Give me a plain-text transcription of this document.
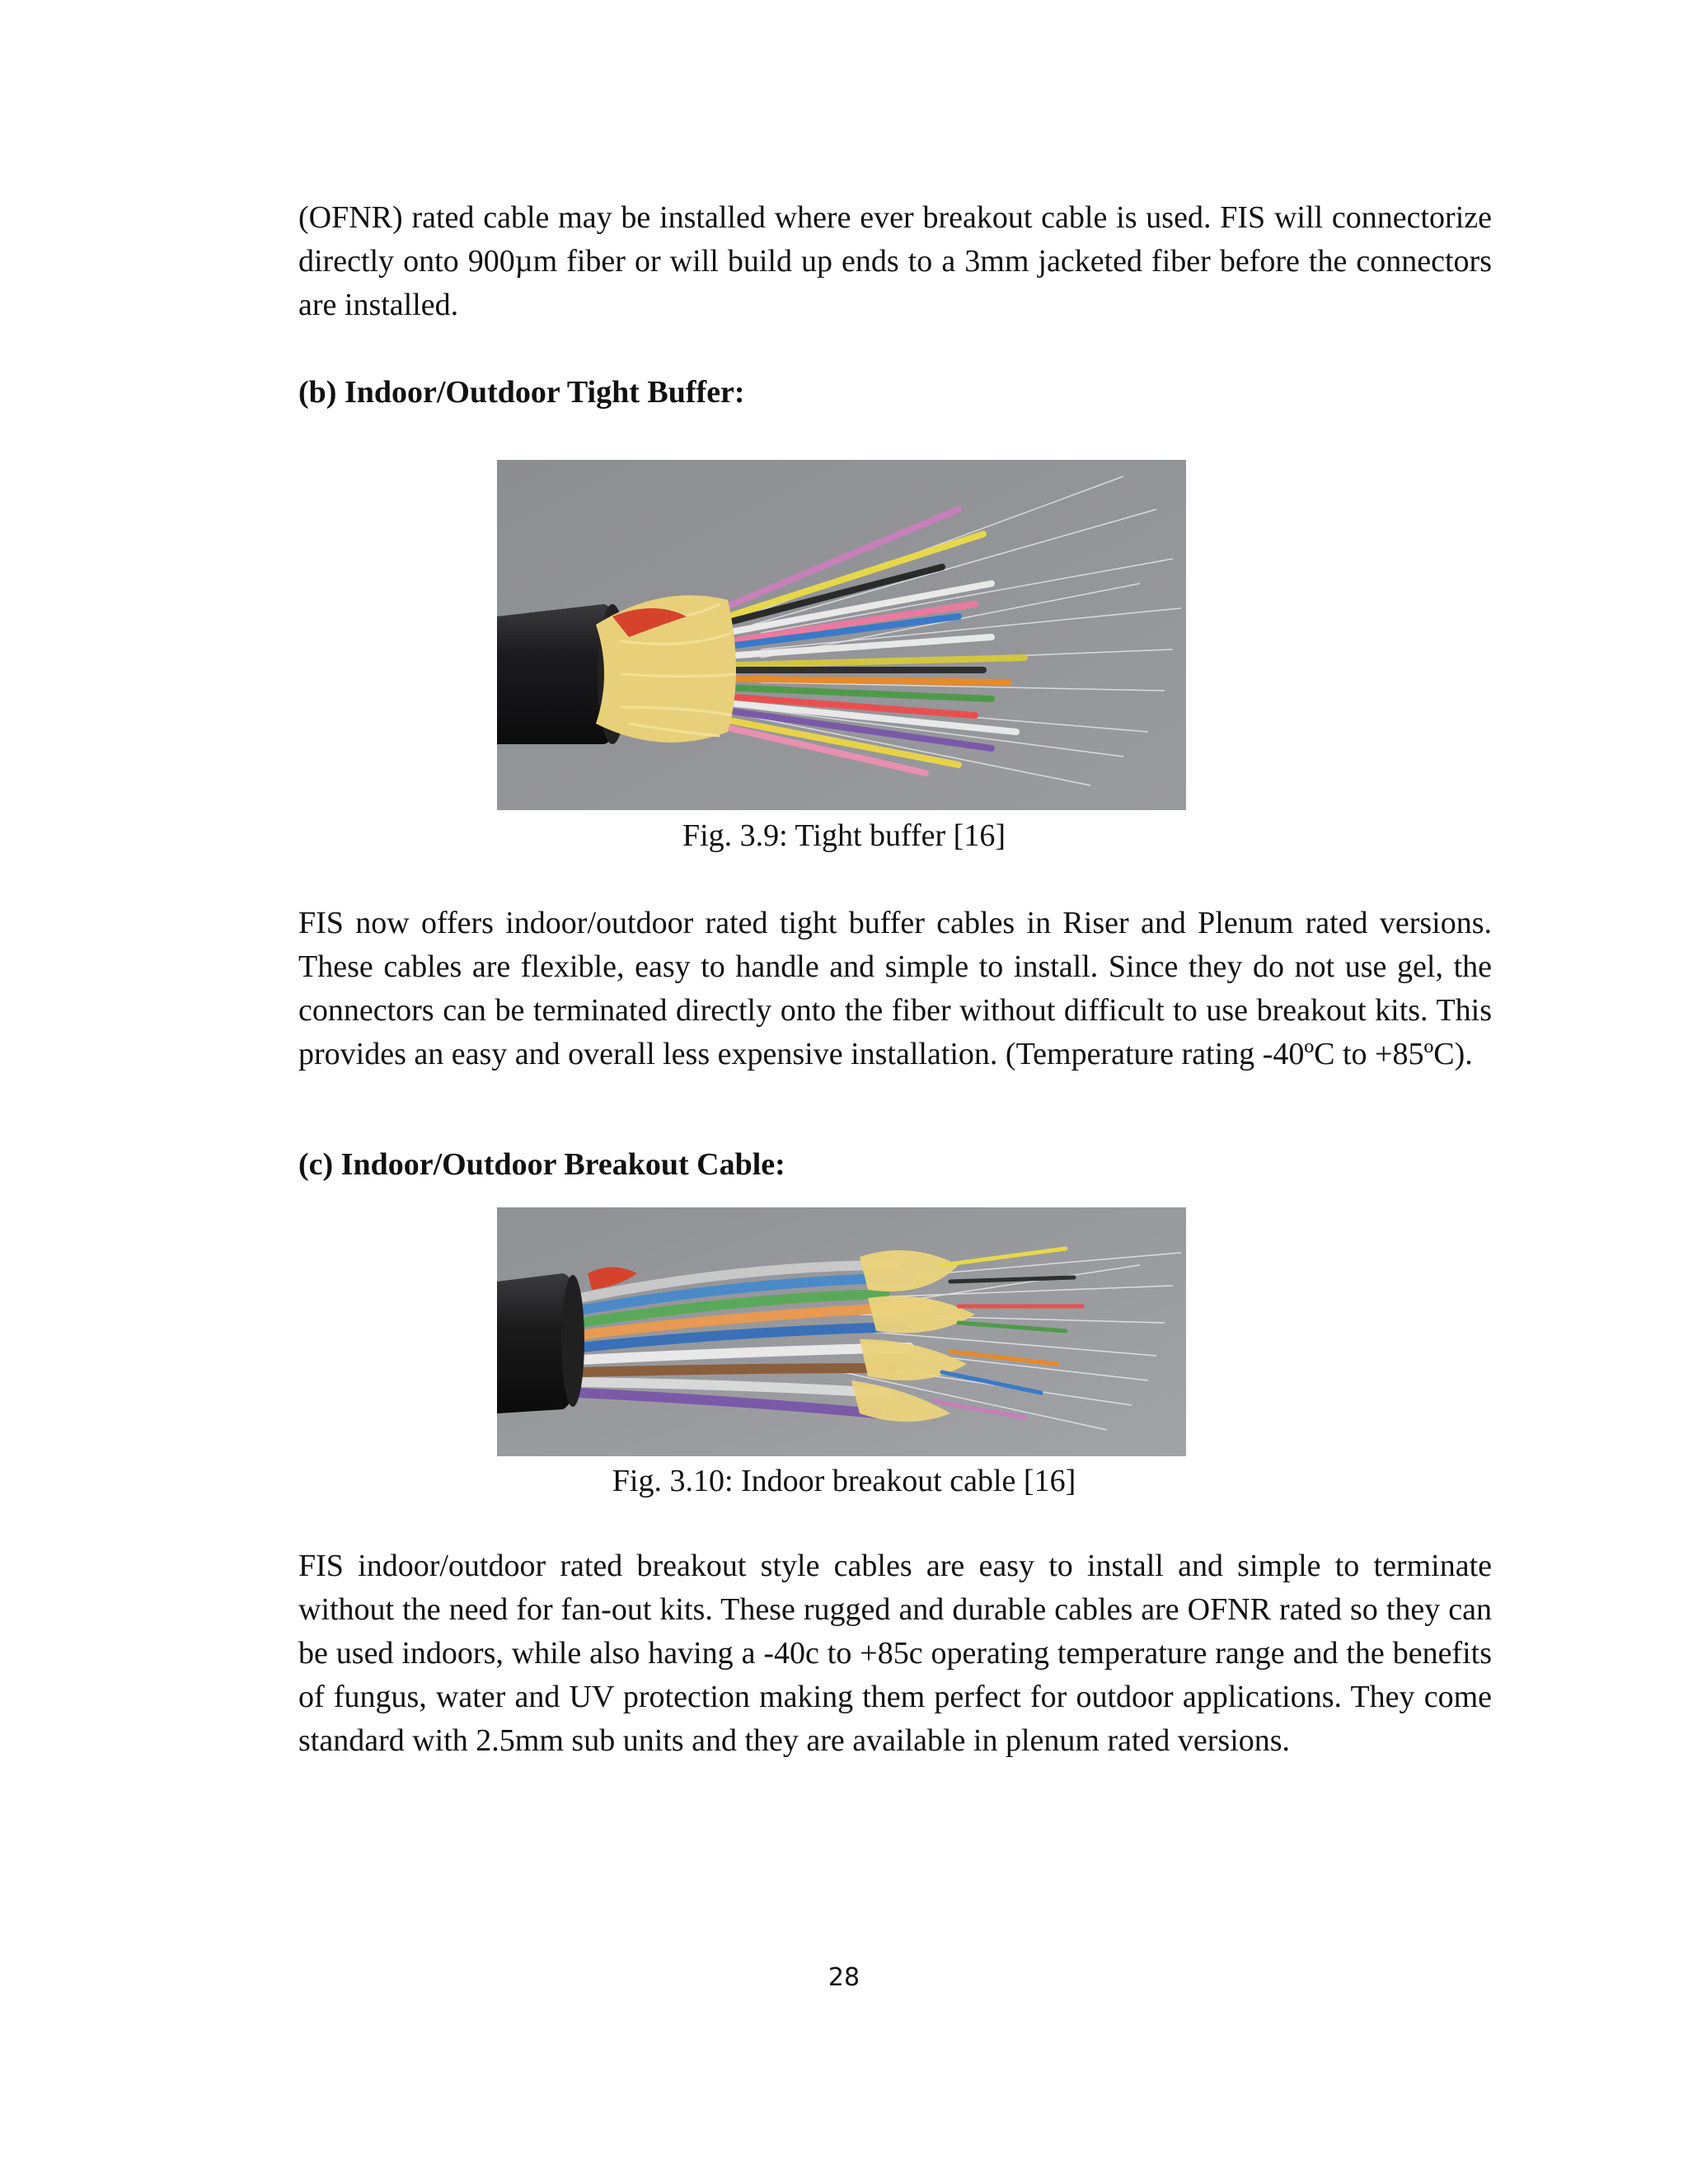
(OFNR) rated cable may be installed where ever breakout cable is used. FIS will connectorize directly onto 900µm fiber or will build up ends to a 3mm jacketed fiber before the connectors are installed.

(b) Indoor/Outdoor Tight Buffer:

Fig. 3.9: Tight buffer [16]

FIS now offers indoor/outdoor rated tight buffer cables in Riser and Plenum rated versions. These cables are flexible, easy to handle and simple to install. Since they do not use gel, the connectors can be terminated directly onto the fiber without difficult to use breakout kits. This provides an easy and overall less expensive installation. (Temperature rating -40ºC to +85ºC).

(c) Indoor/Outdoor Breakout Cable:

Fig. 3.10: Indoor breakout cable [16]

FIS indoor/outdoor rated breakout style cables are easy to install and simple to terminate without the need for fan-out kits. These rugged and durable cables are OFNR rated so they can be used indoors, while also having a -40c to +85c operating temperature range and the benefits of fungus, water and UV protection making them perfect for outdoor applications. They come standard with 2.5mm sub units and they are available in plenum rated versions.

28
